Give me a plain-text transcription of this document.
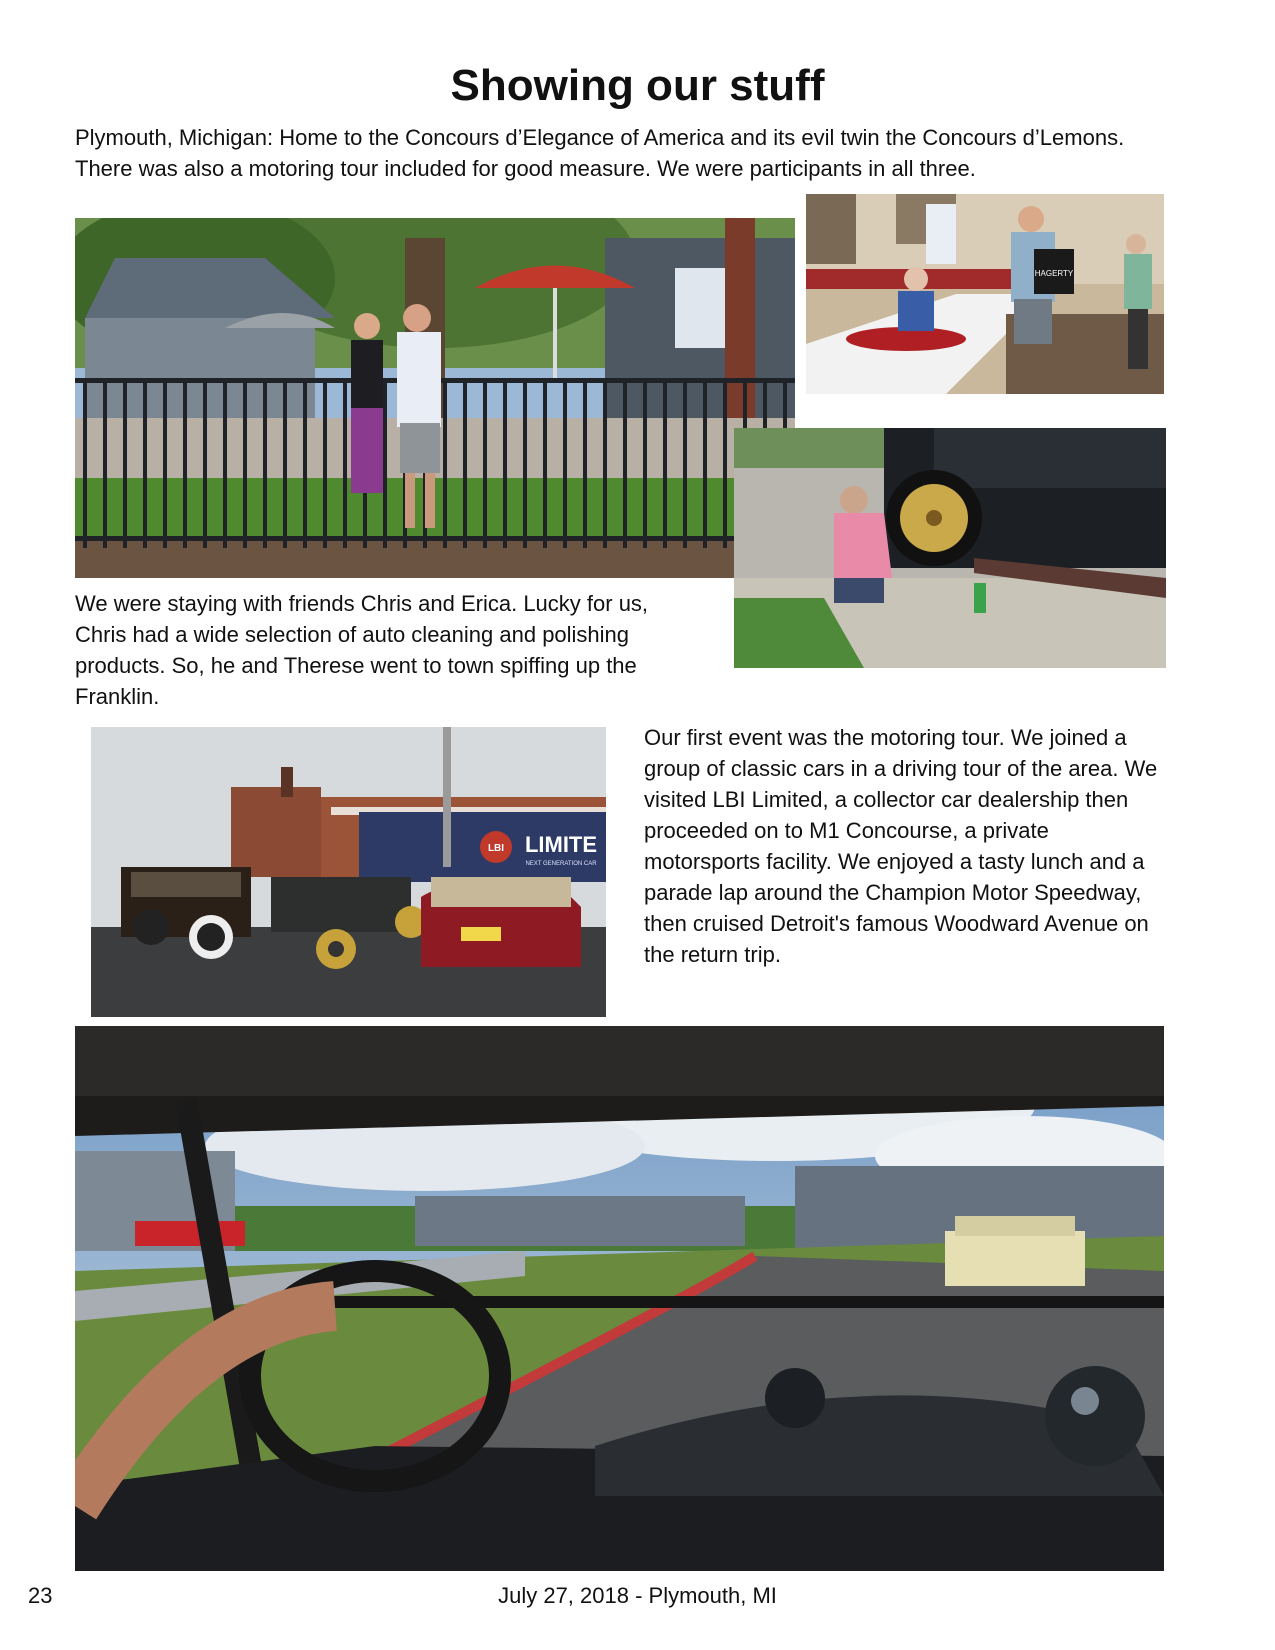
Showing our stuff
Plymouth, Michigan: Home to the Concours d’Elegance of America and its evil twin the Concours d’Lemons. There was also a motoring tour included for good measure. We were participants in all three.
HAGERTY
We were staying with friends Chris and Erica. Lucky for us, Chris had a wide selection of auto cleaning and polishing products. So, he and Therese went to town spiffing up the Franklin.
LBI LIMITE
NEXT GENERATION CAR
Our first event was the motoring tour. We joined a group of classic cars in a driving tour of the area. We visited LBI Limited, a collector car dealership then proceeded on to M1 Concourse, a private motorsports facility. We enjoyed a tasty lunch and a parade lap around the Champion Motor Speedway, then cruised Detroit's famous Woodward Avenue on the return trip.
23	July 27, 2018 - Plymouth, MI
